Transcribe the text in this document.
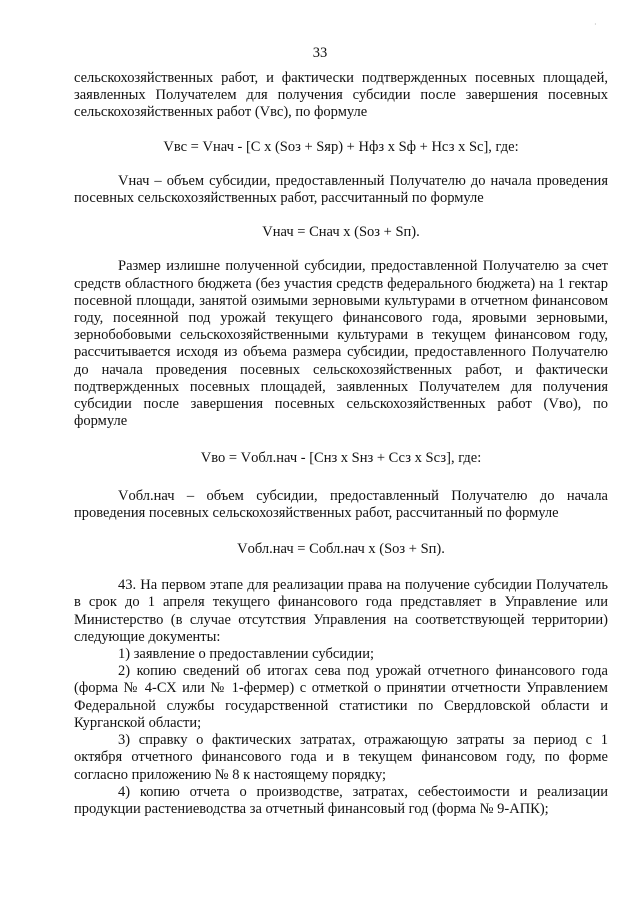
·
33

сельскохозяйственных работ, и фактически подтвержденных посевных площадей, заявленных Получателем для получения субсидии после завершения посевных сельскохозяйственных работ (Vвс), по формуле

Vвс = Vнач - [С х (Sоз + Sяр) + Нфз х Sф + Нсз х Sс], где:

Vнач – объем субсидии, предоставленный Получателю до начала проведения посевных сельскохозяйственных работ, рассчитанный по формуле

Vнач = Снач х (Sоз + Sп).

Размер излишне полученной субсидии, предоставленной Получателю за счет средств областного бюджета (без участия средств федерального бюджета) на 1 гектар посевной площади, занятой озимыми зерновыми культурами в отчетном финансовом году, посеянной под урожай текущего финансового года, яровыми зерновыми, зернобобовыми сельскохозяйственными культурами в текущем финансовом году, рассчитывается исходя из объема размера субсидии, предоставленного Получателю до начала проведения посевных сельскохозяйственных работ, и фактически подтвержденных посевных площадей, заявленных Получателем для получения субсидии после завершения посевных сельскохозяйственных работ (Vво), по формуле

Vво = Vобл.нач - [Снз х Sнз + Ссз х Sсз], где:

Vобл.нач – объем субсидии, предоставленный Получателю до начала проведения посевных сельскохозяйственных работ, рассчитанный по формуле

Vобл.нач = Собл.нач х (Sоз + Sп).

43. На первом этапе для реализации права на получение субсидии Получатель в срок до 1 апреля текущего финансового года представляет в Управление или Министерство (в случае отсутствия Управления на соответствующей территории) следующие документы:

1) заявление о предоставлении субсидии;

2) копию сведений об итогах сева под урожай отчетного финансового года (форма № 4-СХ или № 1-фермер) с отметкой о принятии отчетности Управлением Федеральной службы государственной статистики по Свердловской области и Курганской области;

3) справку о фактических затратах, отражающую затраты за период с 1 октября отчетного финансового года и в текущем финансовом году, по форме согласно приложению № 8 к настоящему порядку;

4) копию отчета о производстве, затратах, себестоимости и реализации продукции растениеводства за отчетный финансовый год (форма № 9-АПК);
